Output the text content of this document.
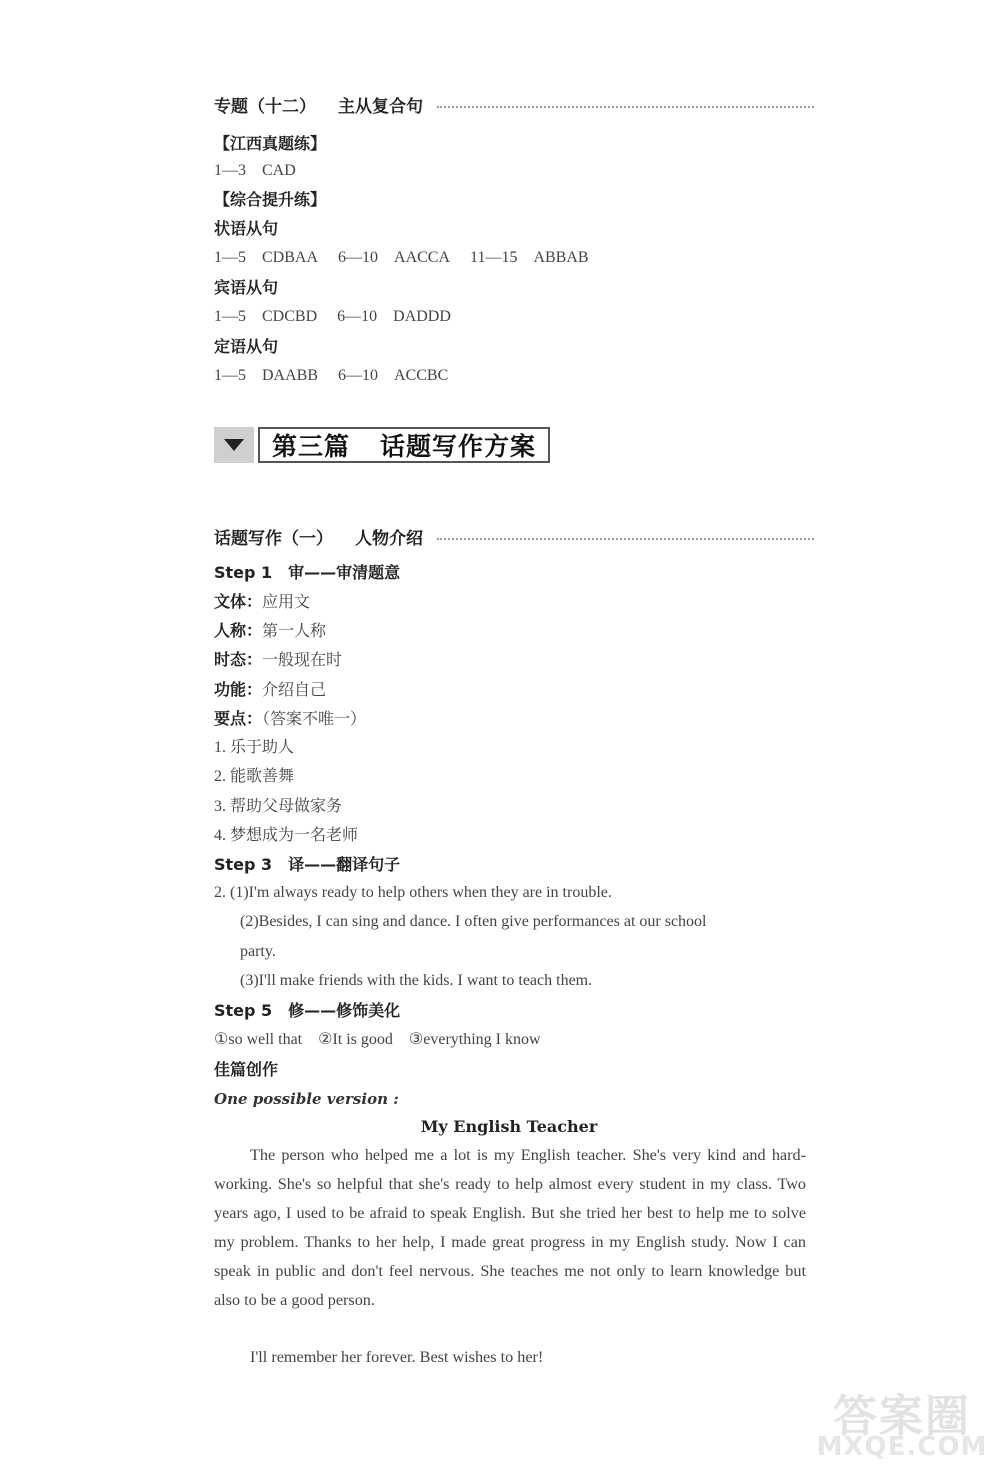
专题（十二） 主从复合句
【江西真题练】
1—3　CAD
【综合提升练】
状语从句
1—5　CDBAA 6—10　AACCA 11—15　ABBAB
宾语从句
1—5　CDCBD 6—10　DADDD
定语从句
1—5　DAABB 6—10　ACCBC
第三篇 话题写作方案
话题写作（一） 人物介绍
Step 1　审——审清题意
文体：应用文
人称：第一人称
时态：一般现在时
功能：介绍自己
要点：（答案不唯一）
1. 乐于助人
2. 能歌善舞
3. 帮助父母做家务
4. 梦想成为一名老师
Step 3　译——翻译句子
2. (1)I'm always ready to help others when they are in trouble.
(2)Besides, I can sing and dance. I often give performances at our school
party.
(3)I'll make friends with the kids. I want to teach them.
Step 5　修——修饰美化
①so well that　②It is good　③everything I know
佳篇创作
One possible version :
My English Teacher
The person who helped me a lot is my English teacher. She's very kind and hard-working. She's so helpful that she's ready to help almost every student in my class. Two years ago, I used to be afraid to speak English. But she tried her best to help me to solve my problem. Thanks to her help, I made great progress in my English study. Now I can speak in public and don't feel nervous. She teaches me not only to learn knowledge but also to be a good person.
I'll remember her forever. Best wishes to her!
答案圈
MXQE.COM
